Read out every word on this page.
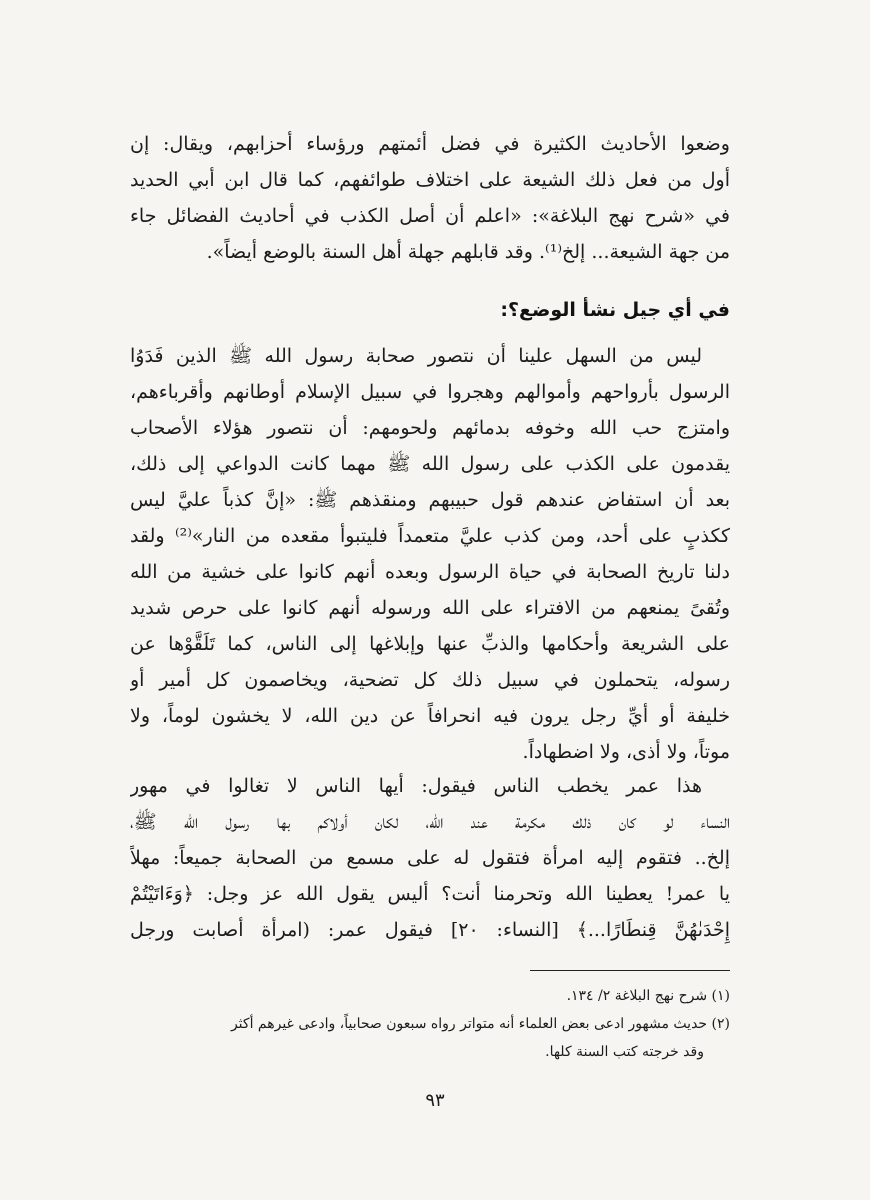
وضعوا الأحاديث الكثيرة في فضل أئمتهم ورؤساء أحزابهم، ويقال: إن
أول من فعل ذلك الشيعة على اختلاف طوائفهم، كما قال ابن أبي الحديد
في «شرح نهج البلاغة»: «اعلم أن أصل الكذب في أحاديث الفضائل جاء
من جهة الشيعة... إلخ⁽¹⁾. وقد قابلهم جهلة أهل السنة بالوضع أيضاً».
في أي جيل نشأ الوضع؟:
ليس من السهل علينا أن نتصور صحابة رسول الله ﷺ الذين فَدَوُا
الرسول بأرواحهم وأموالهم وهجروا في سبيل الإسلام أوطانهم وأقرباءهم،
وامتزج حب الله وخوفه بدمائهم ولحومهم: أن نتصور هؤلاء الأصحاب
يقدمون على الكذب على رسول الله ﷺ مهما كانت الدواعي إلى ذلك،
بعد أن استفاض عندهم قول حبيبهم ومنقذهم ﷺ: «إنَّ كذباً عليَّ ليس
ككذبٍ على أحد، ومن كذب عليَّ متعمداً فليتبوأ مقعده من النار»⁽²⁾ ولقد
دلنا تاريخ الصحابة في حياة الرسول وبعده أنهم كانوا على خشية من الله
وتُقىً يمنعهم من الافتراء على الله ورسوله أنهم كانوا على حرص شديد
على الشريعة وأحكامها والذبِّ عنها وإبلاغها إلى الناس، كما تَلَقَّوْها عن
رسوله، يتحملون في سبيل ذلك كل تضحية، ويخاصمون كل أمير أو
خليفة أو أيِّ رجل يرون فيه انحرافاً عن دين الله، لا يخشون لوماً، ولا
موتاً، ولا أذى، ولا اضطهاداً.
هذا عمر يخطب الناس فيقول: أيها الناس لا تغالوا في مهور
النساء لو كان ذلك مكرمة عند الله، لكان أولاكم بها رسول الله ﷺ،
إلخ.. فتقوم إليه امرأة فتقول له على مسمع من الصحابة جميعاً: مهلاً
يا عمر! يعطينا الله وتحرمنا أنت؟ أليس يقول الله عز وجل: ﴿وَءَاتَيْتُمْ
إِحْدَىٰهُنَّ قِنطَارًا...﴾ [النساء: ٢٠] فيقول عمر: (امرأة أصابت ورجل
(١) شرح نهج البلاغة ٢/ ١٣٤.
(٢) حديث مشهور ادعى بعض العلماء أنه متواتر رواه سبعون صحابياً، وادعى غيرهم أكثر
وقد خرجته كتب السنة كلها.
٩٣
